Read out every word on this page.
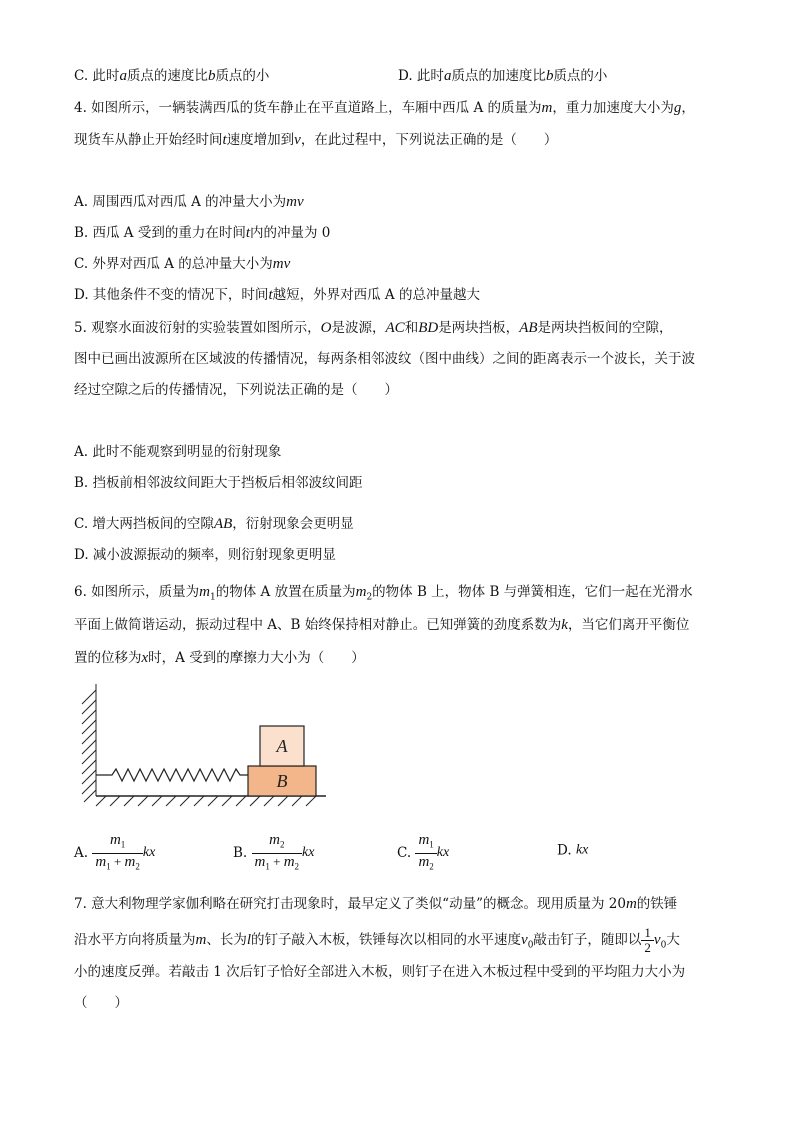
C. 此时a质点的速度比b质点的小	D. 此时a质点的加速度比b质点的小
4. 如图所示，一辆装满西瓜的货车静止在平直道路上，车厢中西瓜 A 的质量为m，重力加速度大小为g，
现货车从静止开始经时间t速度增加到v，在此过程中，下列说法正确的是（　　）
A. 周围西瓜对西瓜 A 的冲量大小为mv
B. 西瓜 A 受到的重力在时间t内的冲量为 0
C. 外界对西瓜 A 的总冲量大小为mv
D. 其他条件不变的情况下，时间t越短，外界对西瓜 A 的总冲量越大
5. 观察水面波衍射的实验装置如图所示，O是波源，AC和BD是两块挡板，AB是两块挡板间的空隙，
图中已画出波源所在区域波的传播情况，每两条相邻波纹（图中曲线）之间的距离表示一个波长，关于波
经过空隙之后的传播情况，下列说法正确的是（　　）
A. 此时不能观察到明显的衍射现象
B. 挡板前相邻波纹间距大于挡板后相邻波纹间距
C. 增大两挡板间的空隙AB，衍射现象会更明显
D. 减小波源振动的频率，则衍射现象更明显
6. 如图所示，质量为$m_1$的物体 A 放置在质量为$m_2$的物体 B 上，物体 B 与弹簧相连，它们一起在光滑水
平面上做简谐运动，振动过程中 A、B 始终保持相对静止。已知弹簧的劲度系数为k，当它们离开平衡位
置的位移为x时，A 受到的摩擦力大小为（　　）
B
A
A. $\frac{m_1}{m_1 + m_2}$ kx	B. $\frac{m_2}{m_1 + m_2}$ kx	C. $\frac{m_1}{m_2}$ kx	D. kx
7. 意大利物理学家伽利略在研究打击现象时，最早定义了类似“动量”的概念。现用质量为 20m的铁锤
沿水平方向将质量为m、长为l的钉子敲入木板，铁锤每次以相同的水平速度$v_0$敲击钉子，随即以 $\frac{1}{2} v_0$大
小的速度反弹。若敲击 1 次后钉子恰好全部进入木板，则钉子在进入木板过程中受到的平均阻力大小为
（　　）
